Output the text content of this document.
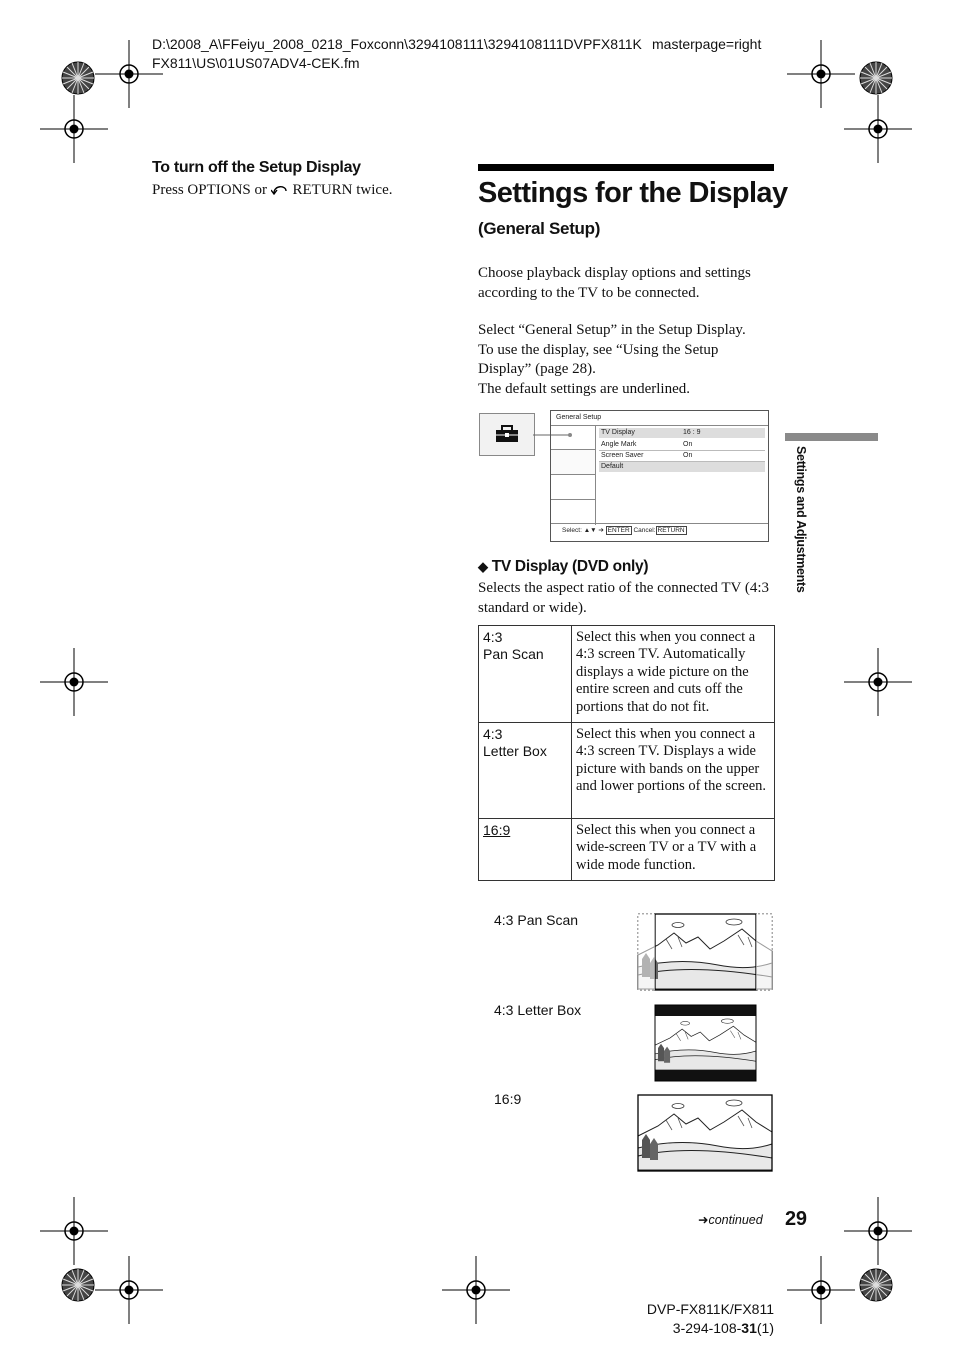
D:\2008_A\FFeiyu_2008_0218_Foxconn\3294108111\3294108111DVPFX811K
FX811\US\01US07ADV4-CEK.fm
masterpage=right
To turn off the Setup Display
Press OPTIONS or  RETURN twice.	Settings for the Display
(General Setup)
Choose playback display options and settings according to the TV to be connected.
Select “General Setup” in the Setup Display.
To use the display, see “Using the Setup
Display” (page 28).
The default settings are underlined.
General Setup
TV Display	16 : 9
Angle Mark	On
Screen Saver	On
Default
Select: ▲▼ ➔ ENTER Cancel: RETURN
◆ TV Display (DVD only)
Selects the aspect ratio of the connected TV (4:3 standard or wide).
4:3
Pan Scan	Select this when you connect a 4:3 screen TV. Automatically displays a wide picture on the entire screen and cuts off the portions that do not fit.

4:3
Letter Box	Select this when you connect a 4:3 screen TV. Displays a wide picture with bands on the upper and lower portions of the screen.

16:9	Select this when you connect a wide-screen TV or a TV with a wide mode function.
4:3 Pan Scan
4:3 Letter Box
16:9
Settings and Adjustments
➜continued 29
DVP-FX811K/FX811
3-294-108-31(1)
